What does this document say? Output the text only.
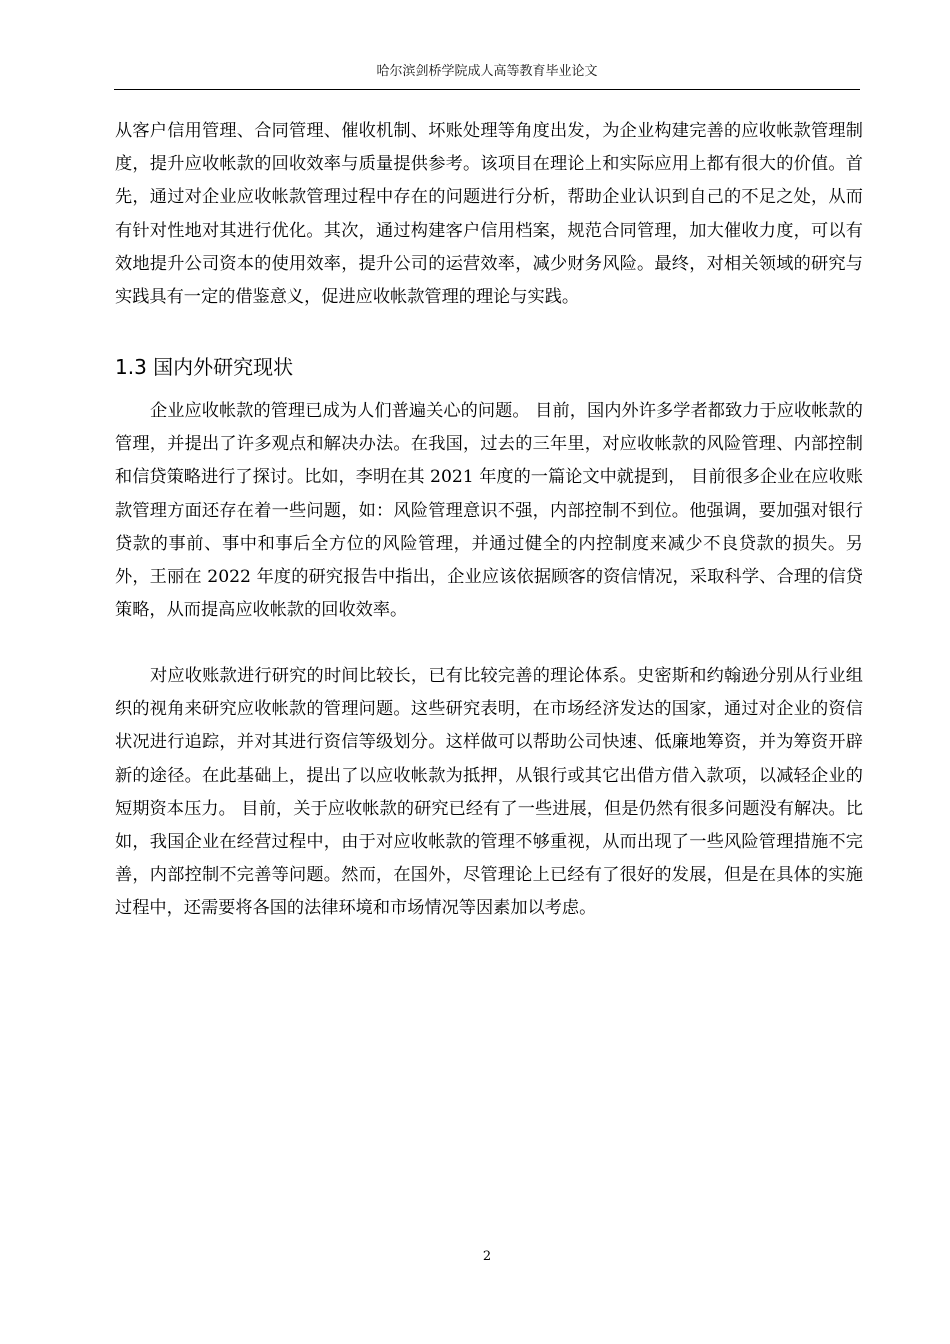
哈尔滨剑桥学院成人高等教育毕业论文

从客户信用管理、合同管理、催收机制、坏账处理等角度出发，为企业构建完善的应收帐款管理制度，提升应收帐款的回收效率与质量提供参考。该项目在理论上和实际应用上都有很大的价值。首先，通过对企业应收帐款管理过程中存在的问题进行分析，帮助企业认识到自己的不足之处，从而有针对性地对其进行优化。其次，通过构建客户信用档案，规范合同管理，加大催收力度，可以有效地提升公司资本的使用效率，提升公司的运营效率，减少财务风险。最终，对相关领域的研究与实践具有一定的借鉴意义，促进应收帐款管理的理论与实践。

1.3 国内外研究现状

企业应收帐款的管理已成为人们普遍关心的问题。 目前，国内外许多学者都致力于应收帐款的管理，并提出了许多观点和解决办法。在我国，过去的三年里，对应收帐款的风险管理、内部控制和信贷策略进行了探讨。比如，李明在其 2021 年度的一篇论文中就提到， 目前很多企业在应收账款管理方面还存在着一些问题，如：风险管理意识不强，内部控制不到位。他强调，要加强对银行贷款的事前、事中和事后全方位的风险管理，并通过健全的内控制度来减少不良贷款的损失。另外，王丽在 2022 年度的研究报告中指出，企业应该依据顾客的资信情况，采取科学、合理的信贷策略，从而提高应收帐款的回收效率。

对应收账款进行研究的时间比较长，已有比较完善的理论体系。史密斯和约翰逊分别从行业组织的视角来研究应收帐款的管理问题。这些研究表明，在市场经济发达的国家，通过对企业的资信状况进行追踪，并对其进行资信等级划分。这样做可以帮助公司快速、低廉地筹资，并为筹资开辟新的途径。在此基础上，提出了以应收帐款为抵押，从银行或其它出借方借入款项，以减轻企业的短期资本压力。 目前，关于应收帐款的研究已经有了一些进展，但是仍然有很多问题没有解决。比如，我国企业在经营过程中，由于对应收帐款的管理不够重视，从而出现了一些风险管理措施不完善，内部控制不完善等问题。然而，在国外，尽管理论上已经有了很好的发展，但是在具体的实施过程中，还需要将各国的法律环境和市场情况等因素加以考虑。

2
